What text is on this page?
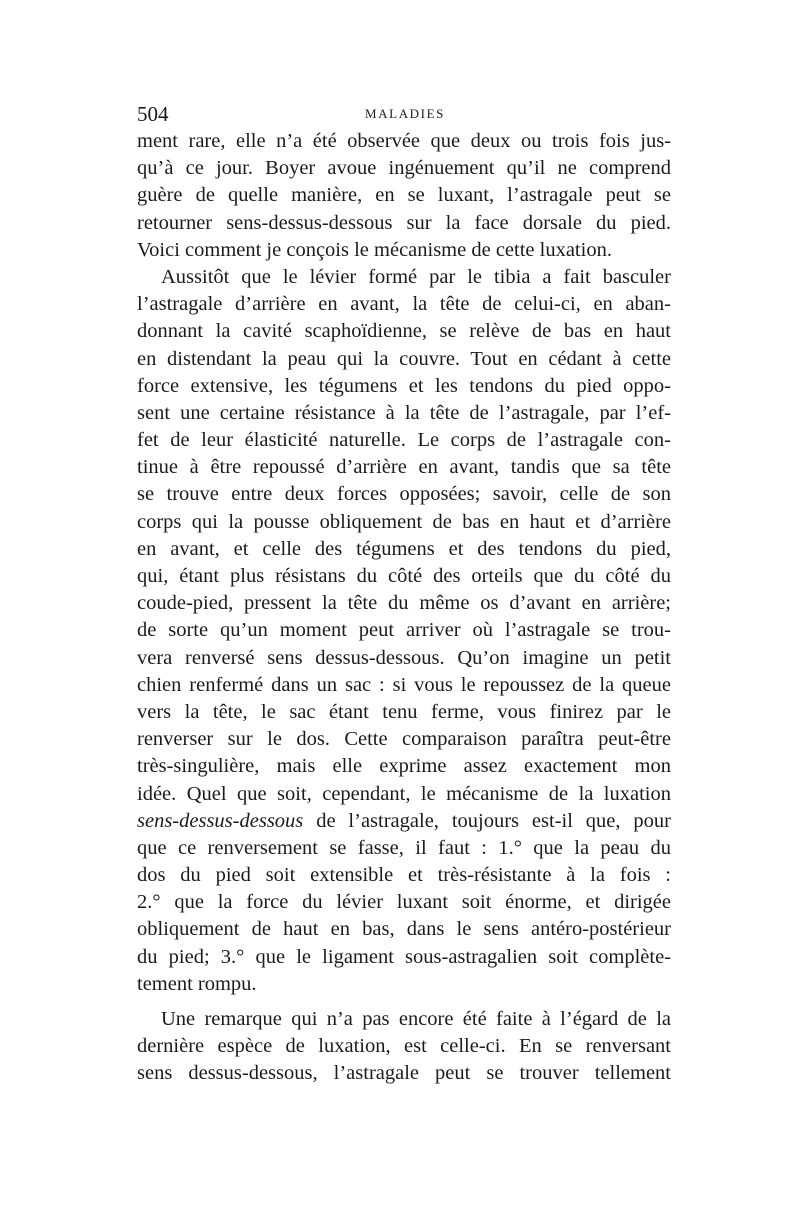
504	MALADIES
ment rare, elle n’a été observée que deux ou trois fois jus-
qu’à ce jour. Boyer avoue ingénuement qu’il ne comprend
guère de quelle manière, en se luxant, l’astragale peut se
retourner sens-dessus-dessous sur la face dorsale du pied.
Voici comment je conçois le mécanisme de cette luxation.
Aussitôt que le lévier formé par le tibia a fait basculer
l’astragale d’arrière en avant, la tête de celui-ci, en aban-
donnant la cavité scaphoïdienne, se relève de bas en haut
en distendant la peau qui la couvre. Tout en cédant à cette
force extensive, les tégumens et les tendons du pied oppo-
sent une certaine résistance à la tête de l’astragale, par l’ef-
fet de leur élasticité naturelle. Le corps de l’astragale con-
tinue à être repoussé d’arrière en avant, tandis que sa tête
se trouve entre deux forces opposées; savoir, celle de son
corps qui la pousse obliquement de bas en haut et d’arrière
en avant, et celle des tégumens et des tendons du pied,
qui, étant plus résistans du côté des orteils que du côté du
coude-pied, pressent la tête du même os d’avant en arrière;
de sorte qu’un moment peut arriver où l’astragale se trou-
vera renversé sens dessus-dessous. Qu’on imagine un petit
chien renfermé dans un sac : si vous le repoussez de la queue
vers la tête, le sac étant tenu ferme, vous finirez par le
renverser sur le dos. Cette comparaison paraîtra peut-être
très-singulière, mais elle exprime assez exactement mon
idée. Quel que soit, cependant, le mécanisme de la luxation
sens-dessus-dessous de l’astragale, toujours est-il que, pour
que ce renversement se fasse, il faut : 1.° que la peau du
dos du pied soit extensible et très-résistante à la fois :
2.° que la force du lévier luxant soit énorme, et dirigée
obliquement de haut en bas, dans le sens antéro-postérieur
du pied; 3.° que le ligament sous-astragalien soit complète-
tement rompu.
Une remarque qui n’a pas encore été faite à l’égard de la
dernière espèce de luxation, est celle-ci. En se renversant
sens dessus-dessous, l’astragale peut se trouver tellement
